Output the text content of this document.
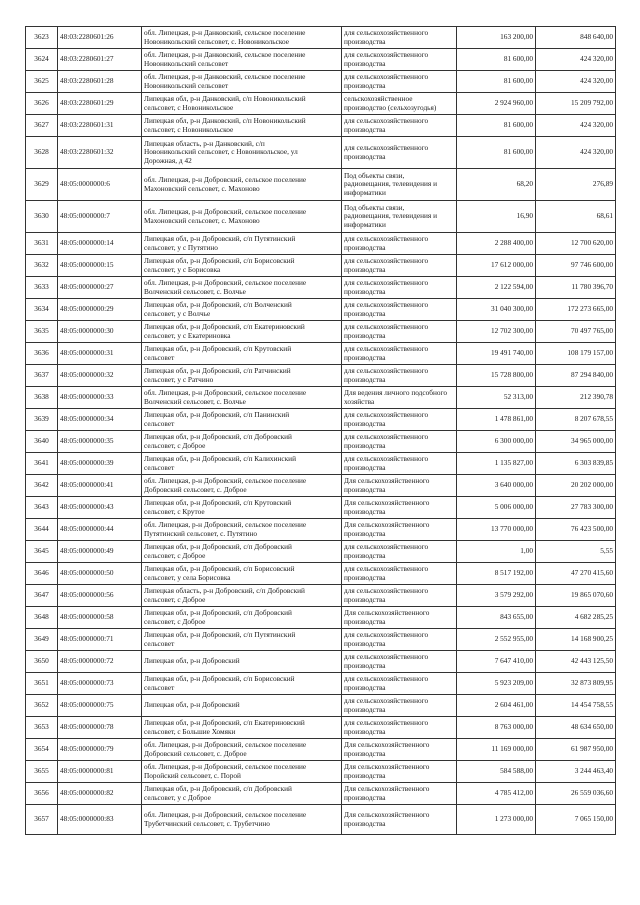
3623	48:03:2280601:26	обл. Липецкая, р-н Данковский, сельское поселение
Новоникольский сельсовет, с. Новоникольское	для сельскохозяйственного
производства	163 200,00	848 640,00
3624	48:03:2280601:27	обл. Липецкая, р-н Данковский, сельское поселение
Новоникольский сельсовет	для сельскохозяйственного
производства	81 600,00	424 320,00
3625	48:03:2280601:28	обл. Липецкая, р-н Данковский, сельское поселение
Новоникольский сельсовет	для сельскохозяйственного
производства	81 600,00	424 320,00
3626	48:03:2280601:29	Липецкая обл, р-н Данковский, с/п Новоникольский
сельсовет, с Новоникольское	сельскохозяйственное
производство (сельхозугодья)	2 924 960,00	15 209 792,00
3627	48:03:2280601:31	Липецкая обл, р-н Данковский, с/п Новоникольский
сельсовет, с Новоникольское	для сельскохозяйственного
производства	81 600,00	424 320,00
3628	48:03:2280601:32	Липецкая область, р-н Данковский, с/п
Новоникольский сельсовет, с Новоникольское, ул
Дорожная, д 42	для сельскохозяйственного
производства	81 600,00	424 320,00
3629	48:05:0000000:6	обл. Липецкая, р-н Добровский, сельское поселение
Махоновский сельсовет, с. Махоново	Под объекты связи,
радиовещания, телевидения и
информатики	68,20	276,89
3630	48:05:0000000:7	обл. Липецкая, р-н Добровский, сельское поселение
Махоновский сельсовет, с. Махоново	Под объекты связи,
радиовещания, телевидения и
информатики	16,90	68,61
3631	48:05:0000000:14	Липецкая обл, р-н Добровский, с/п Путятинский
сельсовет, у с Путятино	для сельскохозяйственного
производства	2 288 400,00	12 700 620,00
3632	48:05:0000000:15	Липецкая обл, р-н Добровский, с/п Борисовский
сельсовет, у с Борисовка	для сельскохозяйственного
производства	17 612 000,00	97 746 600,00
3633	48:05:0000000:27	обл. Липецкая, р-н Добровский, сельское поселение
Волченский сельсовет, с. Волчье	для сельскохозяйственного
производства	2 122 594,00	11 780 396,70
3634	48:05:0000000:29	Липецкая обл, р-н Добровский, с/п Волченский
сельсовет, у с Волчье	для сельскохозяйственного
производства	31 040 300,00	172 273 665,00
3635	48:05:0000000:30	Липецкая обл, р-н Добровский, с/п Екатериновский
сельсовет, у с Екатериновка	для сельскохозяйственного
производства	12 702 300,00	70 497 765,00
3636	48:05:0000000:31	Липецкая обл, р-н Добровский, с/п Крутовский
сельсовет	для сельскохозяйственного
производства	19 491 740,00	108 179 157,00
3637	48:05:0000000:32	Липецкая обл, р-н Добровский, с/п Ратчинский
сельсовет, у с Ратчино	для сельскохозяйственного
производства	15 728 800,00	87 294 840,00
3638	48:05:0000000:33	обл. Липецкая, р-н Добровский, сельское поселение
Волченский сельсовет, с. Волчье	Для ведения личного подсобного
хозяйства	52 313,00	212 390,78
3639	48:05:0000000:34	Липецкая обл, р-н Добровский, с/п Панинский
сельсовет	для сельскохозяйственного
производства	1 478 861,00	8 207 678,55
3640	48:05:0000000:35	Липецкая обл, р-н Добровский, с/п Добровский
сельсовет, с Доброе	для сельскохозяйственного
производства	6 300 000,00	34 965 000,00
3641	48:05:0000000:39	Липецкая обл, р-н Добровский, с/п Калихинский
сельсовет	для сельскохозяйственного
производства	1 135 827,00	6 303 839,85
3642	48:05:0000000:41	обл. Липецкая, р-н Добровский, сельское поселение
Добровский сельсовет, с. Доброе	Для сельскохозяйственного
производства	3 640 000,00	20 202 000,00
3643	48:05:0000000:43	Липецкая обл, р-н Добровский, с/п Крутовский
сельсовет, с Крутое	Для сельскохозяйственного
производства	5 006 000,00	27 783 300,00
3644	48:05:0000000:44	обл. Липецкая, р-н Добровский, сельское поселение
Путятинский сельсовет, с. Путятино	Для сельскохозяйственного
производства	13 770 000,00	76 423 500,00
3645	48:05:0000000:49	Липецкая обл, р-н Добровский, с/п Добровский
сельсовет, с Доброе	для сельскохозяйственного
производства	1,00	5,55
3646	48:05:0000000:50	Липецкая обл, р-н Добровский, с/п Борисовский
сельсовет, у села Борисовка	для сельскохозяйственного
производства	8 517 192,00	47 270 415,60
3647	48:05:0000000:56	Липецкая область, р-н Добровский, с/п Добровский
сельсовет, с Доброе	для сельскохозяйственного
производства	3 579 292,00	19 865 070,60
3648	48:05:0000000:58	Липецкая обл, р-н Добровский, с/п Добровский
сельсовет, с Доброе	Для сельскохозяйственного
производства	843 655,00	4 682 285,25
3649	48:05:0000000:71	Липецкая обл, р-н Добровский, с/п Путятинский
сельсовет	для сельскохозяйственного
производства	2 552 955,00	14 168 900,25
3650	48:05:0000000:72	Липецкая обл, р-н Добровский	для сельскохозяйственного
производства	7 647 410,00	42 443 125,50
3651	48:05:0000000:73	Липецкая обл, р-н Добровский, с/п Борисовский
сельсовет	для сельскохозяйственного
производства	5 923 209,00	32 873 809,95
3652	48:05:0000000:75	Липецкая обл, р-н Добровский	для сельскохозяйственного
производства	2 604 461,00	14 454 758,55
3653	48:05:0000000:78	Липецкая обл, р-н Добровский, с/п Екатериновский
сельсовет, с Большие Хомяки	для сельскохозяйственного
производства	8 763 000,00	48 634 650,00
3654	48:05:0000000:79	обл. Липецкая, р-н Добровский, сельское поселение
Добровский сельсовет, с. Доброе	Для сельскохозяйственного
производства	11 169 000,00	61 987 950,00
3655	48:05:0000000:81	обл. Липецкая, р-н Добровский, сельское поселение
Поройский сельсовет, с. Порой	Для сельскохозяйственного
производства	584 588,00	3 244 463,40
3656	48:05:0000000:82	Липецкая обл, р-н Добровский, с/п Добровский
сельсовет, у с Доброе	Для сельскохозяйственного
производства	4 785 412,00	26 559 036,60
3657	48:05:0000000:83	обл. Липецкая, р-н Добровский, сельское поселение
Трубетчинский сельсовет, с. Трубетчино	Для сельскохозяйственного
производства	1 273 000,00	7 065 150,00
